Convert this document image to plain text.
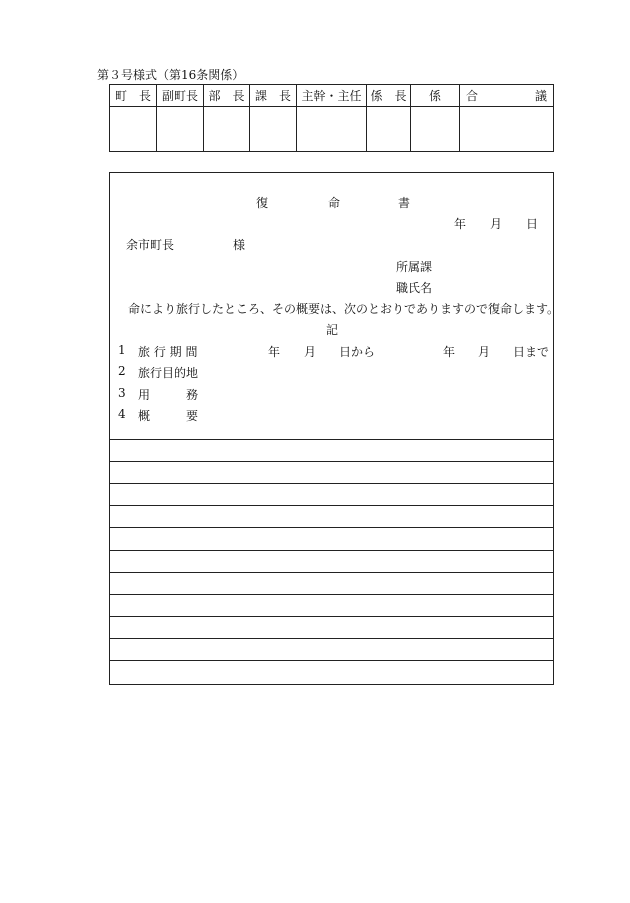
第３号様式（第16条関係）
町　長	副町長	部　長	課　長	主幹・主任	係　長	係	合 議

復	命	書
年 月 日
余市町長	様
所属課
職氏名
命により旅行したところ、その概要は、次のとおりでありますので復命します。
記
1 旅 行 期 間	年 月 日から	年 月 日まで
2 旅行目的地
3 用	務
4 概	要
